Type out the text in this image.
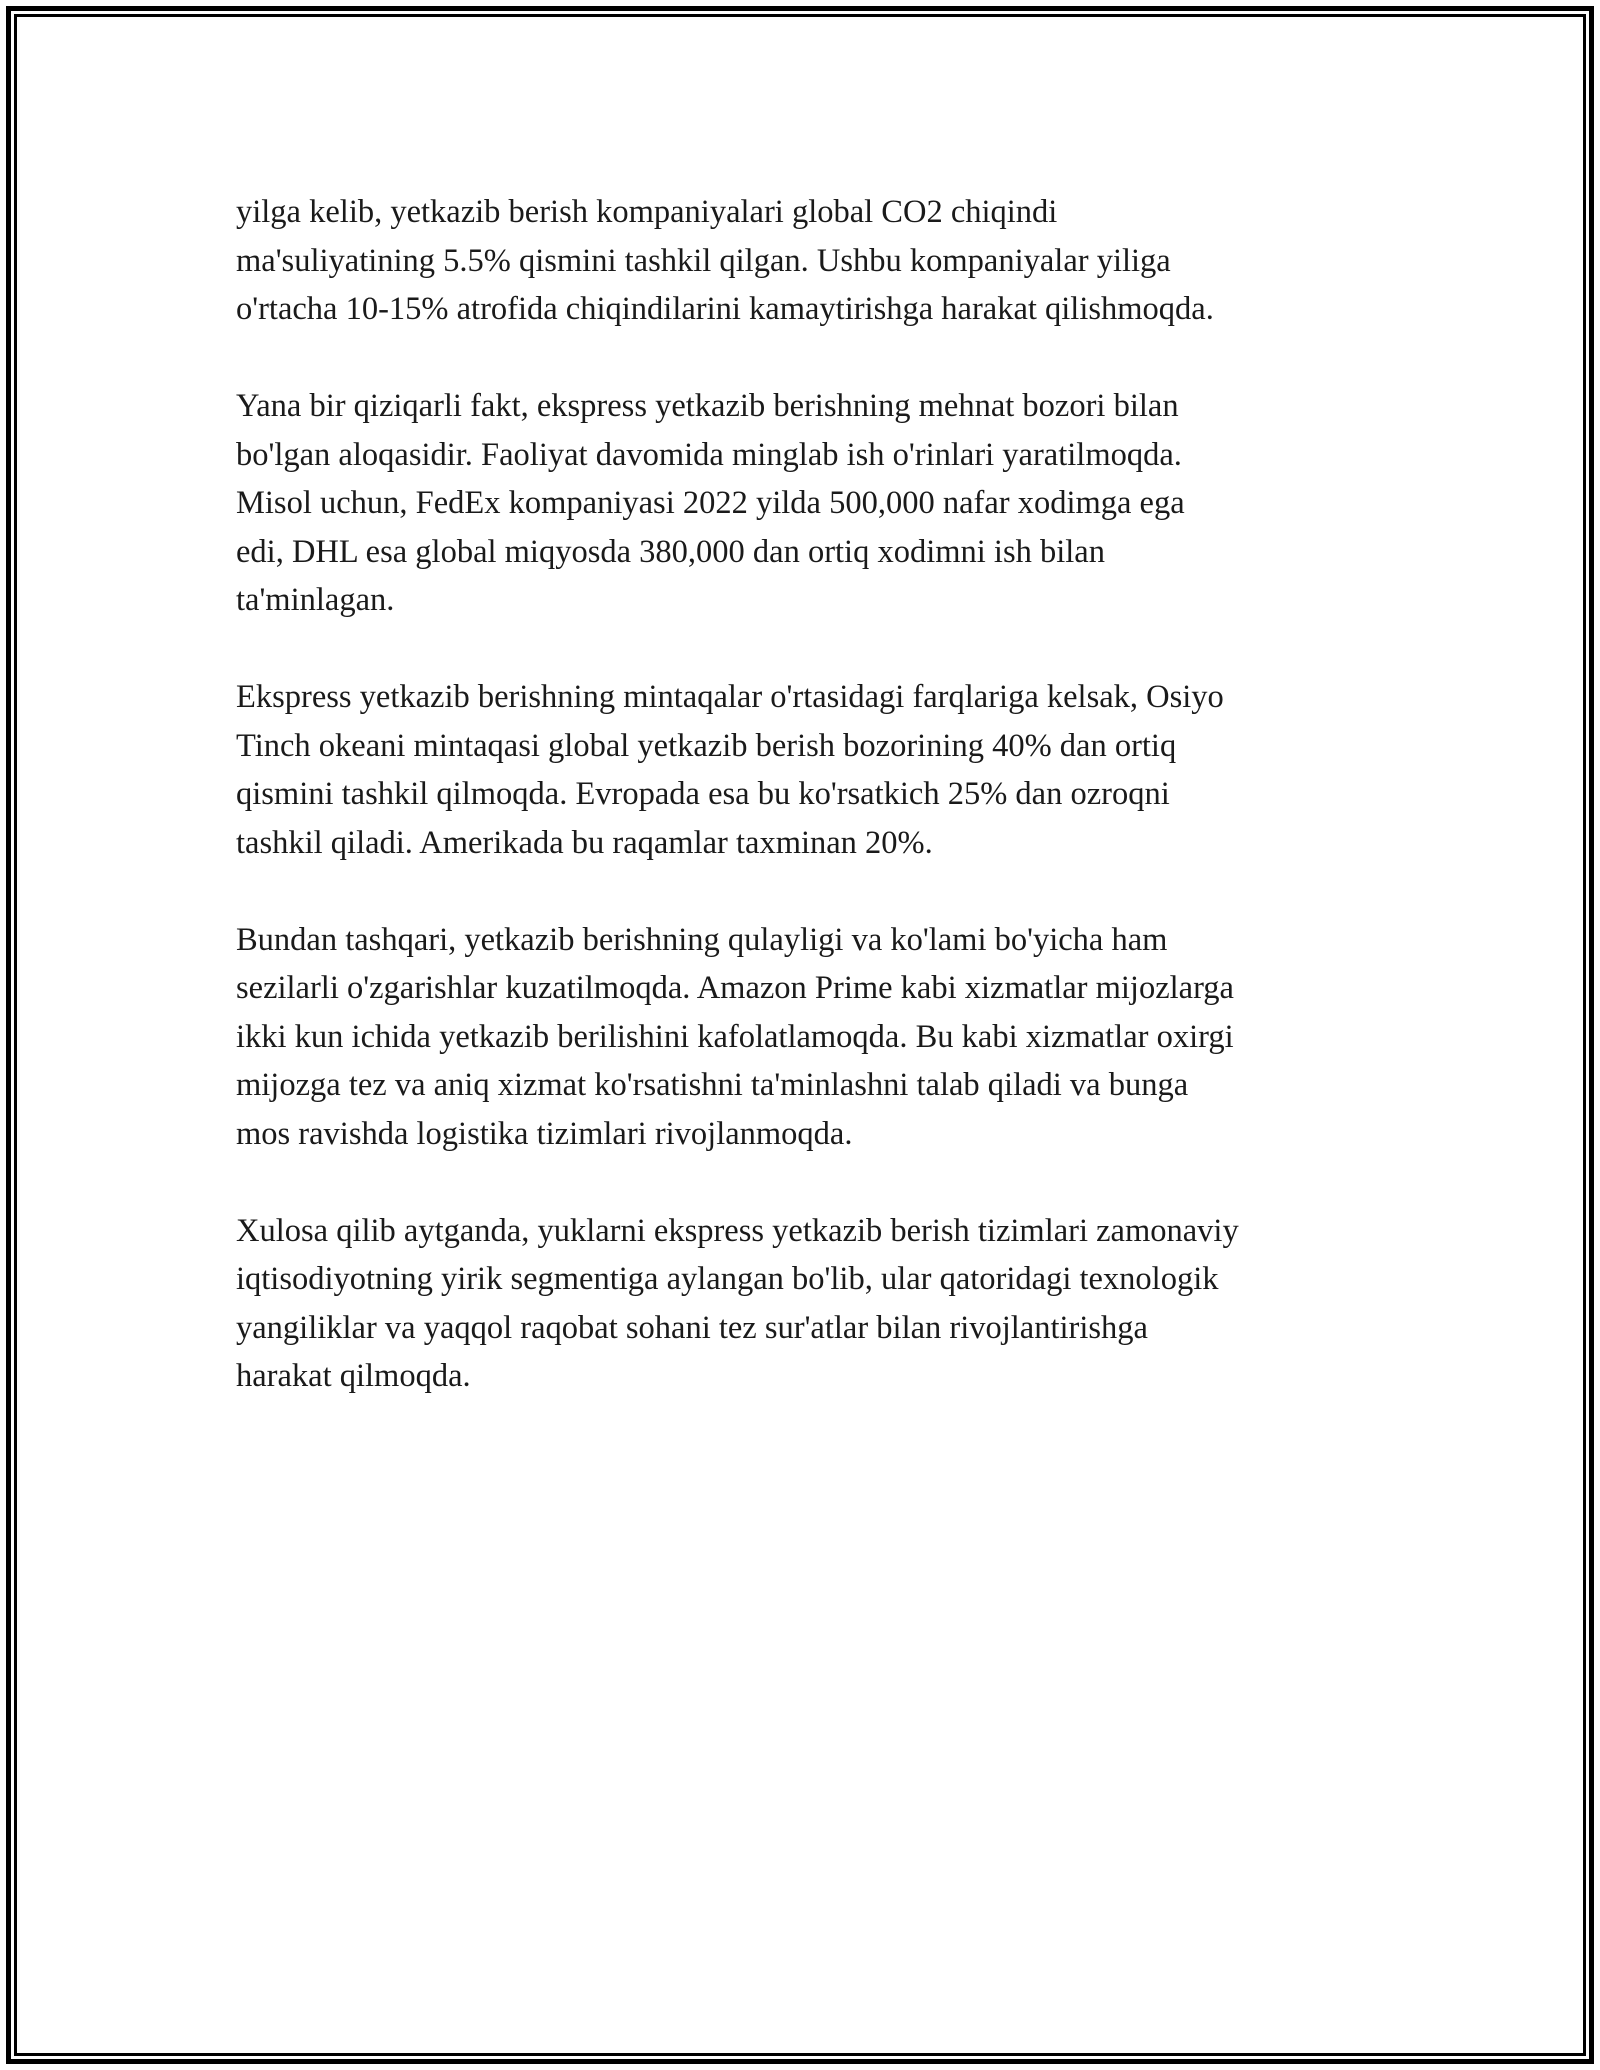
yilga kelib, yetkazib berish kompaniyalari global CO2 chiqindi
ma'suliyatining 5.5% qismini tashkil qilgan. Ushbu kompaniyalar yiliga
o'rtacha 10-15% atrofida chiqindilarini kamaytirishga harakat qilishmoqda.

Yana bir qiziqarli fakt, ekspress yetkazib berishning mehnat bozori bilan
bo'lgan aloqasidir. Faoliyat davomida minglab ish o'rinlari yaratilmoqda.
Misol uchun, FedEx kompaniyasi 2022 yilda 500,000 nafar xodimga ega
edi, DHL esa global miqyosda 380,000 dan ortiq xodimni ish bilan
ta'minlagan.

Ekspress yetkazib berishning mintaqalar o'rtasidagi farqlariga kelsak, Osiyo
Tinch okeani mintaqasi global yetkazib berish bozorining 40% dan ortiq
qismini tashkil qilmoqda. Evropada esa bu ko'rsatkich 25% dan ozroqni
tashkil qiladi. Amerikada bu raqamlar taxminan 20%.

Bundan tashqari, yetkazib berishning qulayligi va ko'lami bo'yicha ham
sezilarli o'zgarishlar kuzatilmoqda. Amazon Prime kabi xizmatlar mijozlarga
ikki kun ichida yetkazib berilishini kafolatlamoqda. Bu kabi xizmatlar oxirgi
mijozga tez va aniq xizmat ko'rsatishni ta'minlashni talab qiladi va bunga
mos ravishda logistika tizimlari rivojlanmoqda.

Xulosa qilib aytganda, yuklarni ekspress yetkazib berish tizimlari zamonaviy
iqtisodiyotning yirik segmentiga aylangan bo'lib, ular qatoridagi texnologik
yangiliklar va yaqqol raqobat sohani tez sur'atlar bilan rivojlantirishga
harakat qilmoqda.
